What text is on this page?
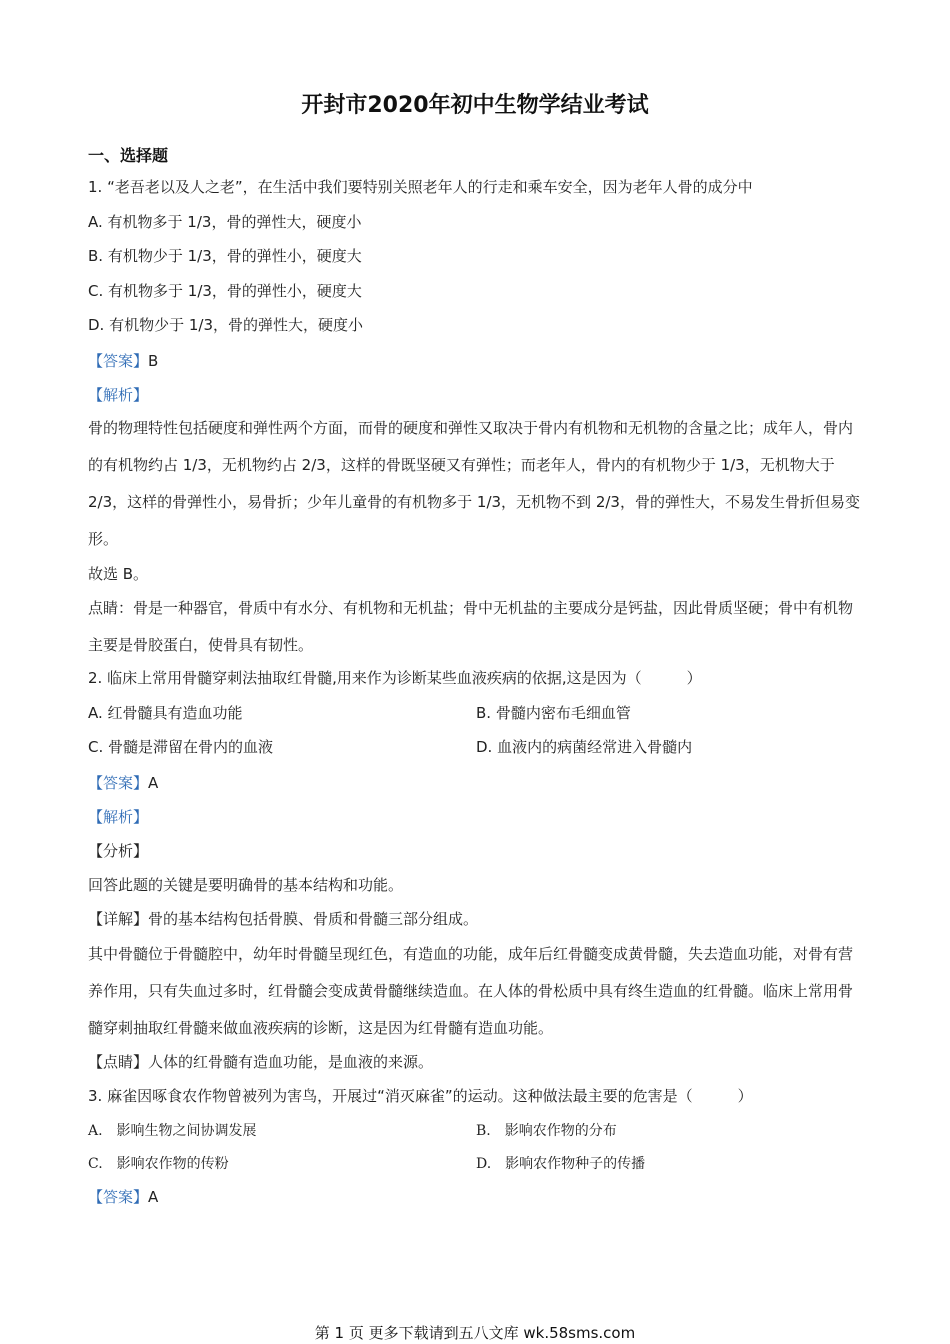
开封市2020年初中生物学结业考试
一、选择题
1. “老吾老以及人之老”，在生活中我们要特别关照老年人的行走和乘车安全，因为老年人骨的成分中
A. 有机物多于 1/3，骨的弹性大，硬度小
B. 有机物少于 1/3，骨的弹性小，硬度大
C. 有机物多于 1/3，骨的弹性小，硬度大
D. 有机物少于 1/3，骨的弹性大，硬度小
【答案】B
【解析】
骨的物理特性包括硬度和弹性两个方面，而骨的硬度和弹性又取决于骨内有机物和无机物的含量之比；成年人，骨内的有机物约占 1/3，无机物约占 2/3，这样的骨既坚硬又有弹性；而老年人，骨内的有机物少于 1/3，无机物大于 2/3，这样的骨弹性小，易骨折；少年儿童骨的有机物多于 1/3，无机物不到 2/3，骨的弹性大，不易发生骨折但易变形。
故选 B。
点睛：骨是一种器官，骨质中有水分、有机物和无机盐；骨中无机盐的主要成分是钙盐，因此骨质坚硬；骨中有机物主要是骨胶蛋白，使骨具有韧性。
2. 临床上常用骨髓穿刺法抽取红骨髓,用来作为诊断某些血液疾病的依据,这是因为（　　　）
A. 红骨髓具有造血功能	B. 骨髓内密布毛细血管
C. 骨髓是滞留在骨内的血液	D. 血液内的病菌经常进入骨髓内
【答案】A
【解析】
【分析】
回答此题的关键是要明确骨的基本结构和功能。
【详解】骨的基本结构包括骨膜、骨质和骨髓三部分组成。
其中骨髓位于骨髓腔中，幼年时骨髓呈现红色，有造血的功能，成年后红骨髓变成黄骨髓，失去造血功能，对骨有营养作用，只有失血过多时，红骨髓会变成黄骨髓继续造血。在人体的骨松质中具有终生造血的红骨髓。临床上常用骨髓穿刺抽取红骨髓来做血液疾病的诊断，这是因为红骨髓有造血功能。
【点睛】人体的红骨髓有造血功能，是血液的来源。
3. 麻雀因啄食农作物曾被列为害鸟，开展过“消灭麻雀”的运动。这种做法最主要的危害是（　　　）
A.　影响生物之间协调发展	B.　影响农作物的分布
C.　影响农作物的传粉	D.　影响农作物种子的传播
【答案】A
第 1 页 更多下载请到五八文库 wk.58sms.com
